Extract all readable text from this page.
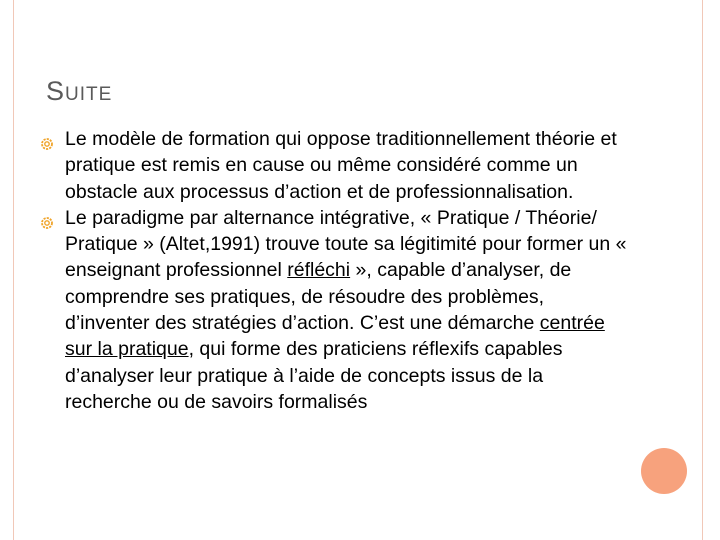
Suite
Le modèle de formation qui oppose traditionnellement théorie et pratique est remis en cause ou même considéré comme un obstacle aux processus d’action et de professionnalisation.
Le paradigme par alternance intégrative, « Pratique / Théorie/ Pratique » (Altet,1991) trouve toute sa légitimité pour former un « enseignant professionnel réfléchi », capable d’analyser, de comprendre ses pratiques, de résoudre des problèmes, d’inventer des stratégies d’action. C’est une démarche centrée sur la pratique, qui forme des praticiens réflexifs capables d’analyser leur pratique à l’aide de concepts issus de la recherche ou de savoirs formalisés
